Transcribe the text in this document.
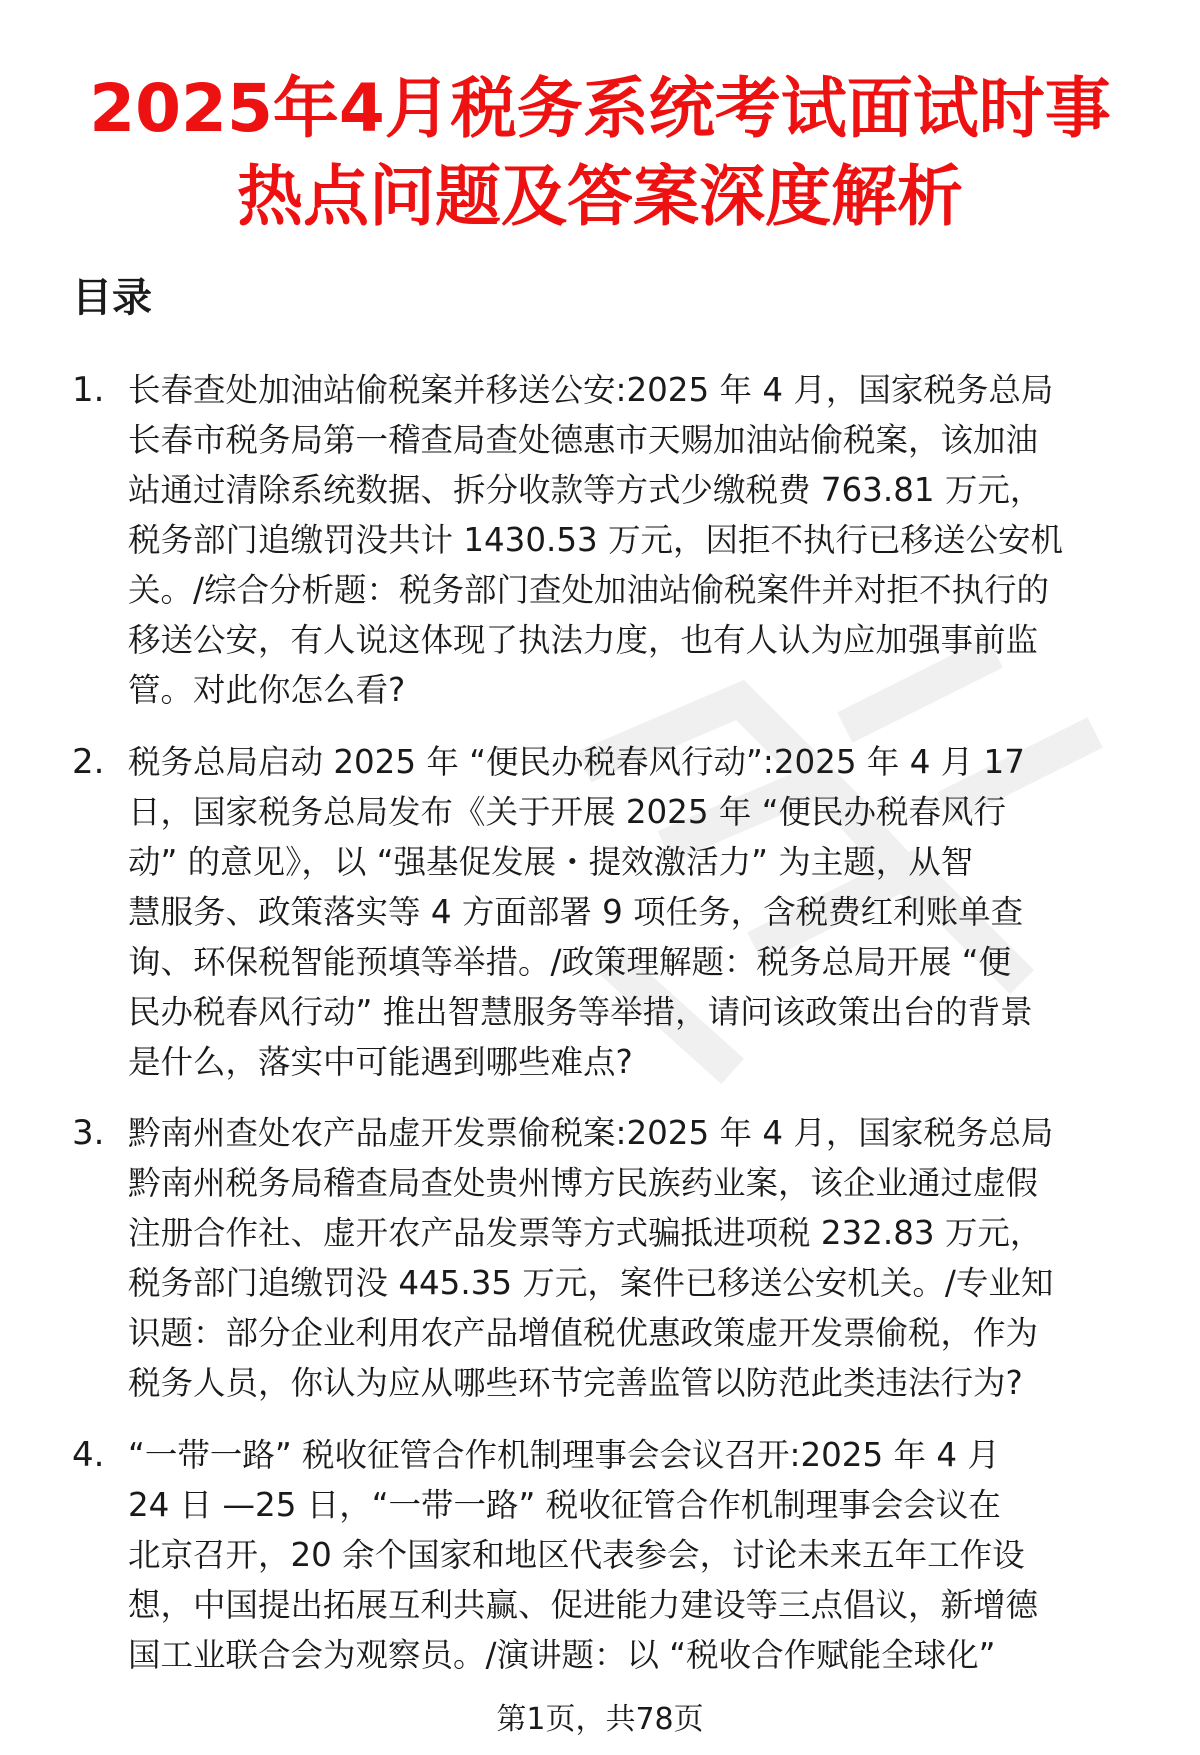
2025年4月税务系统考试面试时事
热点问题及答案深度解析
目录
1. 长春查处加油站偷税案并移送公安:2025 年 4 月，国家税务总局
长春市税务局第一稽查局查处德惠市天赐加油站偷税案，该加油
站通过清除系统数据、拆分收款等方式少缴税费 763.81 万元，
税务部门追缴罚没共计 1430.53 万元，因拒不执行已移送公安机
关。/综合分析题：税务部门查处加油站偷税案件并对拒不执行的
移送公安，有人说这体现了执法力度，也有人认为应加强事前监
管。对此你怎么看?
2. 税务总局启动 2025 年 “便民办税春风行动”:2025 年 4 月 17
日，国家税务总局发布《关于开展 2025 年 “便民办税春风行
动” 的意见》，以 “强基促发展・提效激活力” 为主题，从智
慧服务、政策落实等 4 方面部署 9 项任务，含税费红利账单查
询、环保税智能预填等举措。/政策理解题：税务总局开展 “便
民办税春风行动” 推出智慧服务等举措，请问该政策出台的背景
是什么，落实中可能遇到哪些难点?
3. 黔南州查处农产品虚开发票偷税案:2025 年 4 月，国家税务总局
黔南州税务局稽查局查处贵州博方民族药业案，该企业通过虚假
注册合作社、虚开农产品发票等方式骗抵进项税 232.83 万元，
税务部门追缴罚没 445.35 万元，案件已移送公安机关。/专业知
识题：部分企业利用农产品增值税优惠政策虚开发票偷税，作为
税务人员，你认为应从哪些环节完善监管以防范此类违法行为?
4. “一带一路” 税收征管合作机制理事会会议召开:2025 年 4 月
24 日 —25 日，“一带一路” 税收征管合作机制理事会会议在
北京召开，20 余个国家和地区代表参会，讨论未来五年工作设
想，中国提出拓展互利共赢、促进能力建设等三点倡议，新增德
国工业联合会为观察员。/演讲题：以 “税收合作赋能全球化”
第1页，共78页
